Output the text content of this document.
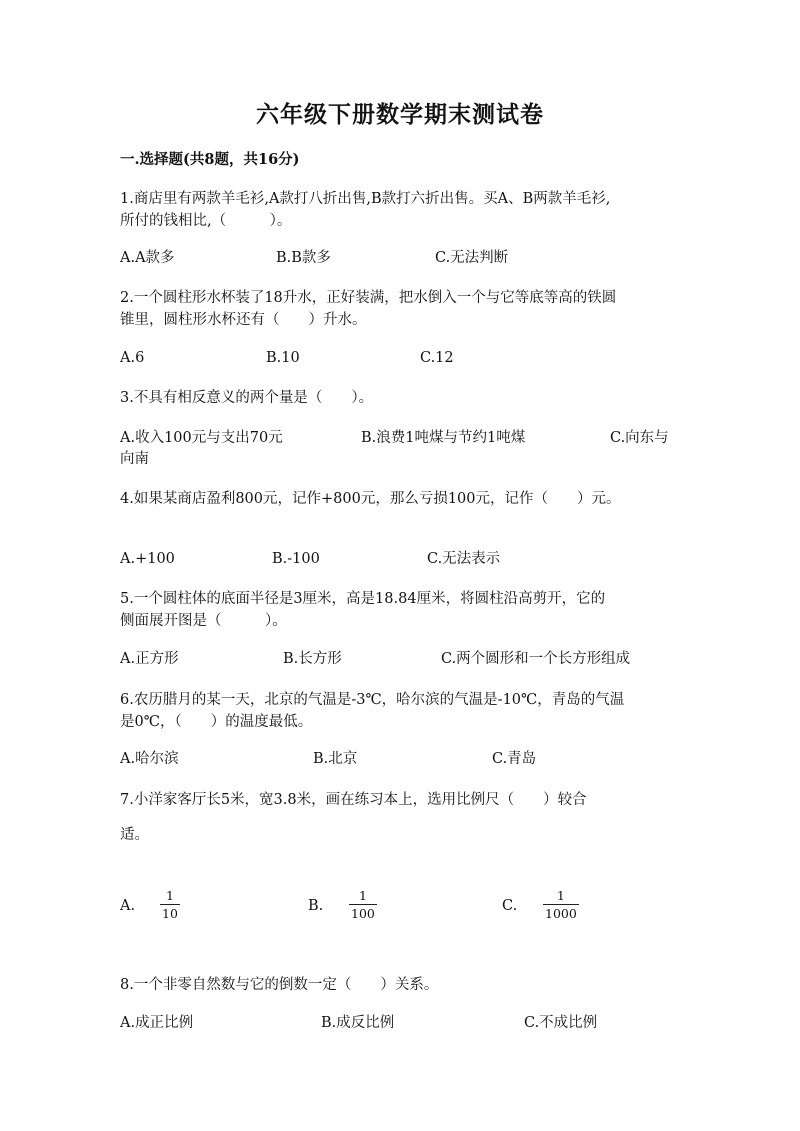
六年级下册数学期末测试卷
一.选择题(共8题，共16分)
1.商店里有两款羊毛衫,A款打八折出售,B款打六折出售。买A、B两款羊毛衫,
所付的钱相比,（　　　）。
A.A款多	B.B款多	C.无法判断
2.一个圆柱形水杯装了18升水，正好装满，把水倒入一个与它等底等高的铁圆
锥里，圆柱形水杯还有（　　）升水。
A.6	B.10	C.12
3.不具有相反意义的两个量是（　　）。
A.收入100元与支出70元	B.浪费1吨煤与节约1吨煤	C.向东与
向南
4.如果某商店盈利800元，记作+800元，那么亏损100元，记作（　　）元。
A.+100	B.-100	C.无法表示
5.一个圆柱体的底面半径是3厘米，高是18.84厘米，将圆柱沿高剪开，它的
侧面展开图是（　　　）。
A.正方形	B.长方形	C.两个圆形和一个长方形组成
6.农历腊月的某一天，北京的气温是-3℃，哈尔滨的气温是-10℃，青岛的气温
是0℃，（　　）的温度最低。
A.哈尔滨	B.北京	C.青岛
7.小洋家客厅长5米，宽3.8米，画在练习本上，选用比例尺（　　）较合
适。
A.
1
10	B.
1
100	C.
1
1000
8.一个非零自然数与它的倒数一定（　　）关系。
A.成正比例	B.成反比例	C.不成比例
